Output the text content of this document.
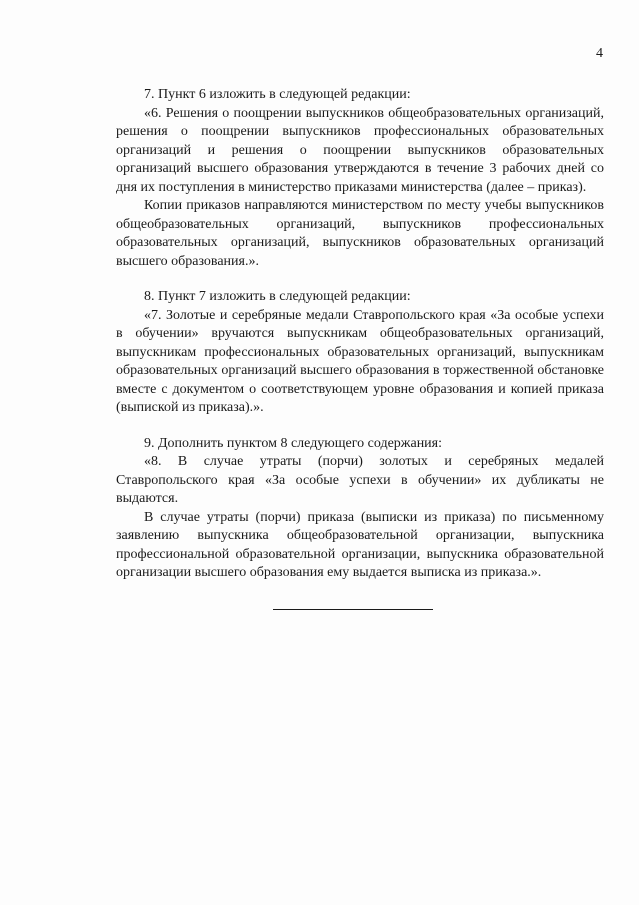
4

7. Пункт 6 изложить в следующей редакции:

«6. Решения о поощрении выпускников общеобразовательных организаций, решения о поощрении выпускников профессиональных образовательных организаций и решения о поощрении выпускников образовательных организаций высшего образования утверждаются в течение 3 рабочих дней со дня их поступления в министерство приказами министерства (далее – приказ).

Копии приказов направляются министерством по месту учебы выпускников общеобразовательных организаций, выпускников профессиональных образовательных организаций, выпускников образовательных организаций высшего образования.».

8. Пункт 7 изложить в следующей редакции:

«7. Золотые и серебряные медали Ставропольского края «За особые успехи в обучении» вручаются выпускникам общеобразовательных организаций, выпускникам профессиональных образовательных организаций, выпускникам образовательных организаций высшего образования в торжественной обстановке вместе с документом о соответствующем уровне образования и копией приказа (выпиской из приказа).».

9. Дополнить пунктом 8 следующего содержания:

«8. В случае утраты (порчи) золотых и серебряных медалей Ставропольского края «За особые успехи в обучении» их дубликаты не выдаются.

В случае утраты (порчи) приказа (выписки из приказа) по письменному заявлению выпускника общеобразовательной организации, выпускника профессиональной образовательной организации, выпускника образовательной организации высшего образования ему выдается выписка из приказа.».
